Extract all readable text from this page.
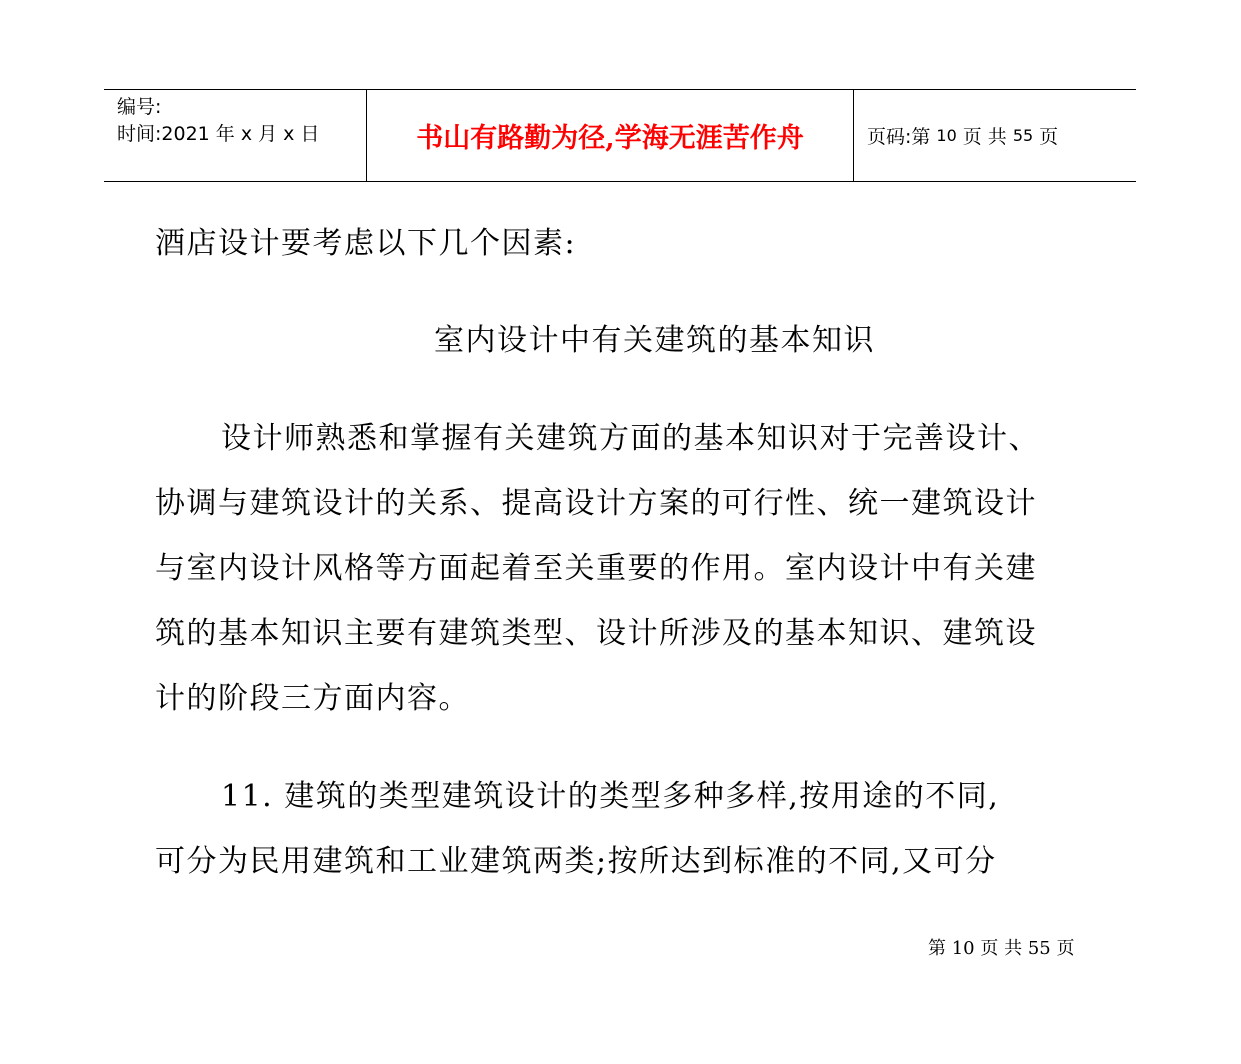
编号:
时间:2021 年 x 月 x 日	书山有路勤为径,学海无涯苦作舟	页码:第 10 页 共 55 页
酒店设计要考虑以下几个因素:
室内设计中有关建筑的基本知识
设计师熟悉和掌握有关建筑方面的基本知识对于完善设计、
协调与建筑设计的关系、提高设计方案的可行性、统一建筑设计
与室内设计风格等方面起着至关重要的作用。室内设计中有关建
筑的基本知识主要有建筑类型、设计所涉及的基本知识、建筑设
计的阶段三方面内容。
11. 建筑的类型建筑设计的类型多种多样,按用途的不同,
可分为民用建筑和工业建筑两类;按所达到标准的不同,又可分
第 10 页 共 55 页
